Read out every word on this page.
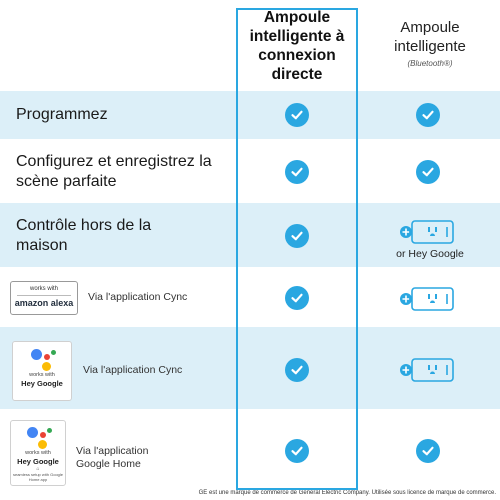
Ampoule intelligente à connexion directe
Ampoule intelligente
(Bluetooth®)
Programmez
Configurez et enregistrez la scène parfaite
Contrôle hors de la maison	or Hey Google
works with
amazon alexa	Via l'application Cync
works with
Hey Google
Via l'application Cync
works with
Hey Google
⌂
seamless setup with Google Home app
Via l'application Google Home
GE est une marque de commerce de General Electric Company. Utilisée sous licence de marque de commerce.
